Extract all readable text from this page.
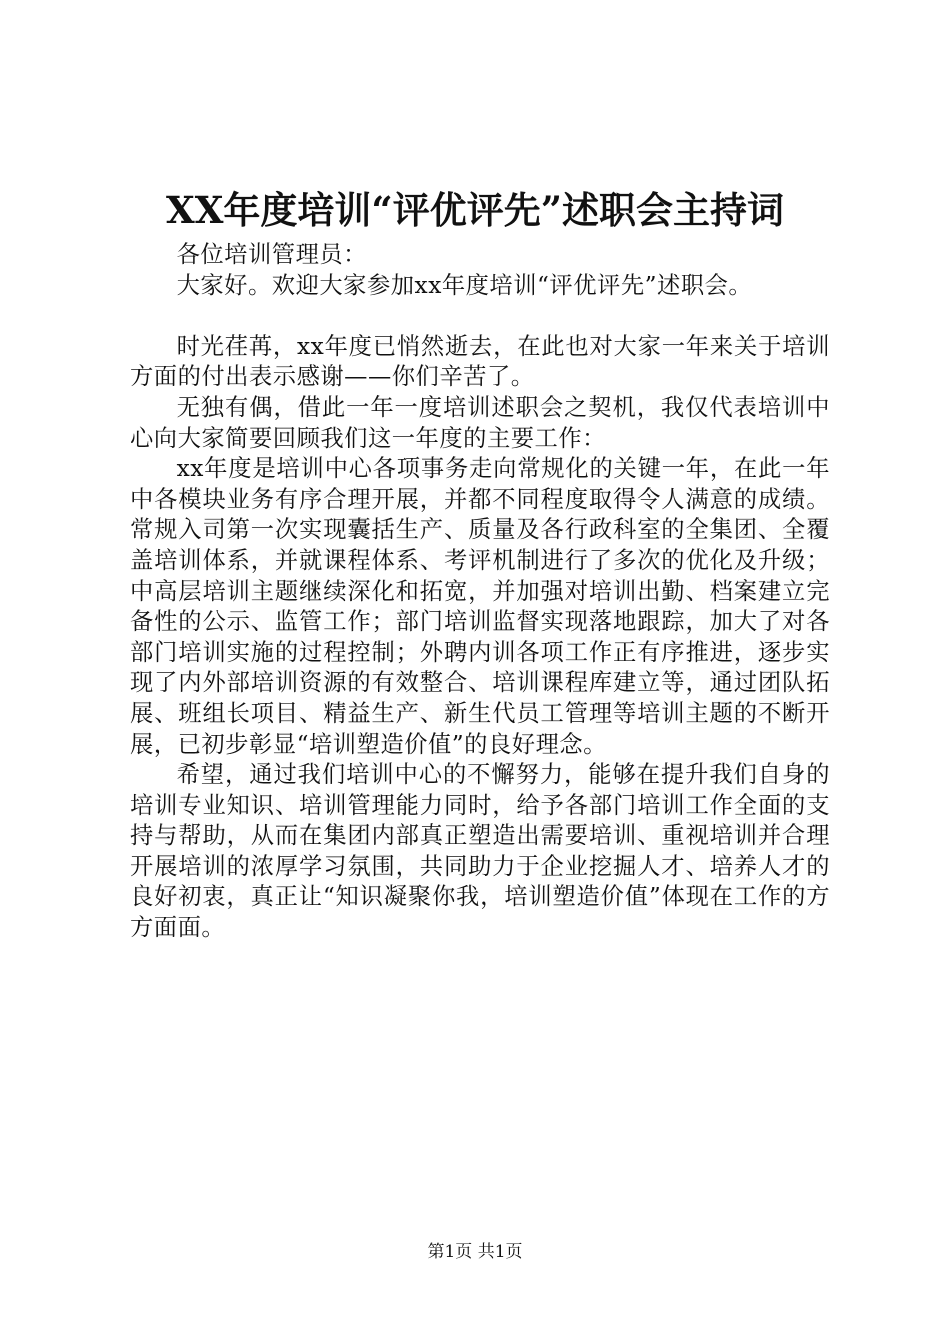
XX年度培训“评优评先”述职会主持词

各位培训管理员：

大家好。欢迎大家参加xx年度培训“评优评先”述职会。

时光荏苒，xx年度已悄然逝去，在此也对大家一年来关于培训方面的付出表示感谢——你们辛苦了。

无独有偶，借此一年一度培训述职会之契机，我仅代表培训中心向大家简要回顾我们这一年度的主要工作：

xx年度是培训中心各项事务走向常规化的关键一年，在此一年中各模块业务有序合理开展，并都不同程度取得令人满意的成绩。常规入司第一次实现囊括生产、质量及各行政科室的全集团、全覆盖培训体系，并就课程体系、考评机制进行了多次的优化及升级；中高层培训主题继续深化和拓宽，并加强对培训出勤、档案建立完备性的公示、监管工作；部门培训监督实现落地跟踪，加大了对各部门培训实施的过程控制；外聘内训各项工作正有序推进，逐步实现了内外部培训资源的有效整合、培训课程库建立等，通过团队拓展、班组长项目、精益生产、新生代员工管理等培训主题的不断开展，已初步彰显“培训塑造价值”的良好理念。

希望，通过我们培训中心的不懈努力，能够在提升我们自身的培训专业知识、培训管理能力同时，给予各部门培训工作全面的支持与帮助，从而在集团内部真正塑造出需要培训、重视培训并合理开展培训的浓厚学习氛围，共同助力于企业挖掘人才、培养人才的良好初衷，真正让“知识凝聚你我，培训塑造价值”体现在工作的方方面面。

第1页 共1页
